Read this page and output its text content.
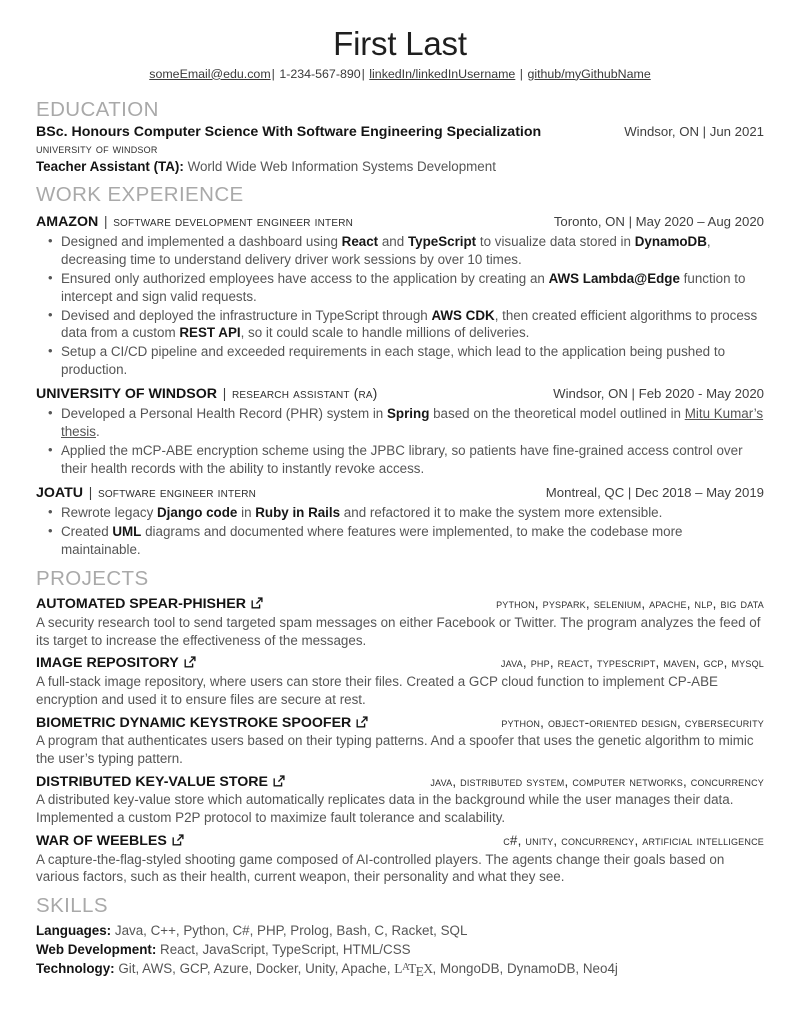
First Last
someEmail@edu.com| 1-234-567-890| linkedIn/linkedInUsername | github/myGithubName
EDUCATION
BSc. Honours Computer Science With Software Engineering Specialization	Windsor, ON | Jun 2021
university of windsor
Teacher Assistant (TA): World Wide Web Information Systems Development
WORK EXPERIENCE
AMAZON | software development engineer intern	Toronto, ON | May 2020 – Aug 2020
• Designed and implemented a dashboard using React and TypeScript to visualize data stored in DynamoDB, decreasing time to understand delivery driver work sessions by over 10 times.
• Ensured only authorized employees have access to the application by creating an AWS Lambda@Edge function to intercept and sign valid requests.
• Devised and deployed the infrastructure in TypeScript through AWS CDK, then created efficient algorithms to process data from a custom REST API, so it could scale to handle millions of deliveries.
• Setup a CI/CD pipeline and exceeded requirements in each stage, which lead to the application being pushed to production.
UNIVERSITY OF WINDSOR | research assistant (ra)	Windsor, ON | Feb 2020 - May 2020
• Developed a Personal Health Record (PHR) system in Spring based on the theoretical model outlined in Mitu Kumar’s thesis.
• Applied the mCP-ABE encryption scheme using the JPBC library, so patients have fine-grained access control over their health records with the ability to instantly revoke access.
JOATU | software engineer intern	Montreal, QC | Dec 2018 – May 2019
• Rewrote legacy Django code in Ruby in Rails and refactored it to make the system more extensible.
• Created UML diagrams and documented where features were implemented, to make the codebase more maintainable.
PROJECTS
AUTOMATED SPEAR-PHISHER	python, pyspark, selenium, apache, nlp, big data
A security research tool to send targeted spam messages on either Facebook or Twitter. The program analyzes the feed of its target to increase the effectiveness of the messages.
IMAGE REPOSITORY	java, php, react, typescript, maven, gcp, mysql
A full-stack image repository, where users can store their files. Created a GCP cloud function to implement CP-ABE encryption and used it to ensure files are secure at rest.
BIOMETRIC DYNAMIC KEYSTROKE SPOOFER	python, object-oriented design, cybersecurity
A program that authenticates users based on their typing patterns. And a spoofer that uses the genetic algorithm to mimic the user’s typing pattern.
DISTRIBUTED KEY-VALUE STORE	java, distributed system, computer networks, concurrency
A distributed key-value store which automatically replicates data in the background while the user manages their data. Implemented a custom P2P protocol to maximize fault tolerance and scalability.
WAR OF WEEBLES	c#, unity, concurrency, artificial intelligence
A capture-the-flag-styled shooting game composed of AI-controlled players. The agents change their goals based on various factors, such as their health, current weapon, their personality and what they see.
SKILLS
Languages: Java, C++, Python, C#, PHP, Prolog, Bash, C, Racket, SQL
Web Development: React, JavaScript, TypeScript, HTML/CSS
Technology: Git, AWS, GCP, Azure, Docker, Unity, Apache, $L^ATEX$, MongoDB, DynamoDB, Neo4j
